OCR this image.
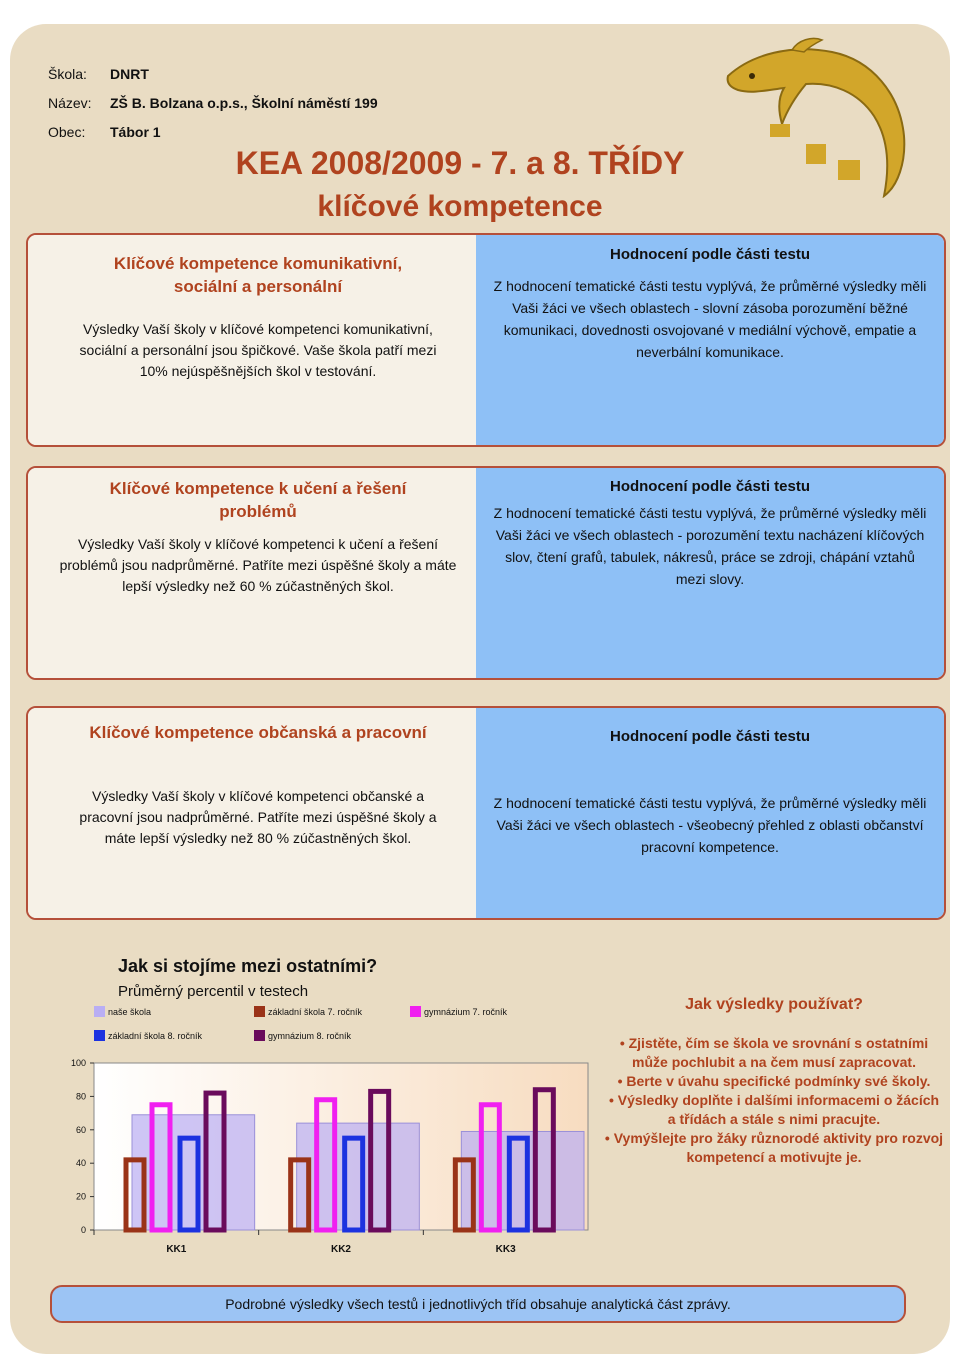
Škola:	DNRT
Název:	ZŠ B. Bolzana o.p.s., Školní náměstí 199
Obec:	Tábor 1
KEA 2008/2009 - 7. a 8. TŘÍDY
klíčové kompetence
Klíčové kompetence komunikativní, sociální a personální
Výsledky Vaší školy v klíčové kompetenci komunikativní, sociální a personální jsou špičkové. Vaše škola patří mezi 10% nejúspěšnějších škol v testování.
Hodnocení podle části testu
Z hodnocení tematické části testu vyplývá, že průměrné výsledky měli Vaši žáci ve všech oblastech - slovní zásoba porozumění běžné komunikaci, dovednosti osvojované v mediální výchově, empatie a neverbální komunikace.
Klíčové kompetence k učení a řešení problémů
Výsledky Vaší školy v klíčové kompetenci k učení a řešení problémů jsou nadprůměrné. Patříte mezi úspěšné školy a máte lepší výsledky než 60 % zúčastněných škol.
Hodnocení podle části testu
Z hodnocení tematické části testu vyplývá, že průměrné výsledky měli Vaši žáci ve všech oblastech - porozumění textu nacházení klíčových slov, čtení grafů, tabulek, nákresů, práce se zdroji, chápání vztahů mezi slovy.
Klíčové kompetence občanská a pracovní
Výsledky Vaší školy v klíčové kompetenci občanské a pracovní jsou nadprůměrné. Patříte mezi úspěšné školy a máte lepší výsledky než 80 % zúčastněných škol.
Hodnocení podle části testu
Z hodnocení tematické části testu vyplývá, že průměrné výsledky měli Vaši žáci ve všech oblastech - všeobecný přehled z oblasti občanství pracovní kompetence.
Jak si stojíme mezi ostatními?
Průměrný percentil v testech
naše škola	základní škola 7. ročník	gymnázium 7. ročník
základní škola 8. ročník	gymnázium 8. ročník
0
20
40
60
80
100
KK1	KK2	KK3
Jak výsledky používat?
• Zjistěte, čím se škola ve srovnání s ostatními může pochlubit a na čem musí zapracovat.
• Berte v úvahu specifické podmínky své školy.
• Výsledky doplňte i dalšími informacemi o žácích a třídách a stále s nimi pracujte.
• Vymýšlejte pro žáky různorodé aktivity pro rozvoj kompetencí a motivujte je.
Podrobné výsledky všech testů i jednotlivých tříd obsahuje analytická část zprávy.
